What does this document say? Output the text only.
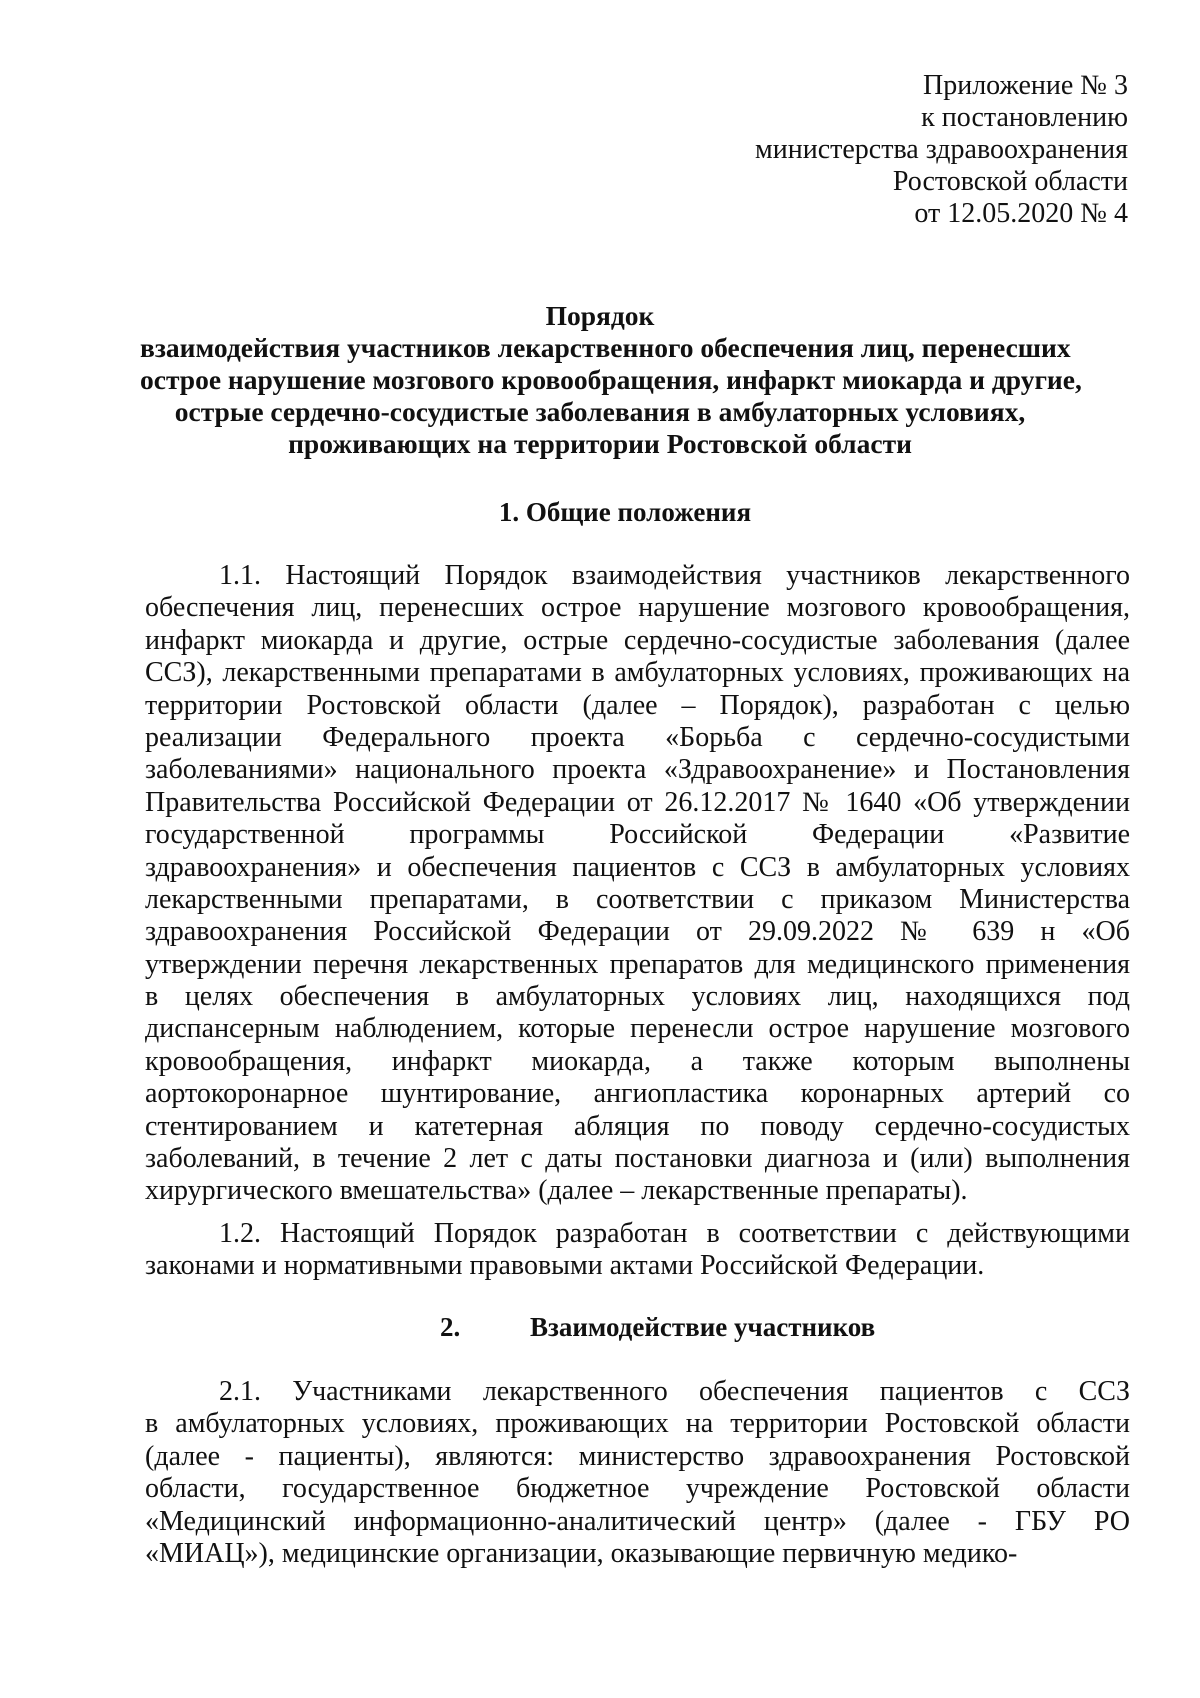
Приложение № 3
к постановлению
министерства здравоохранения
Ростовской области
от 12.05.2020 № 4
Порядок
взаимодействия участников лекарственного обеспечения лиц, перенесших
острое нарушение мозгового кровообращения, инфаркт миокарда и другие,
острые сердечно-сосудистые заболевания в амбулаторных условиях,
проживающих на территории Ростовской области
1. Общие положения
1.1. Настоящий Порядок взаимодействия участников лекарственного
обеспечения лиц, перенесших острое нарушение мозгового кровообращения,
инфаркт миокарда и другие, острые сердечно-сосудистые заболевания (далее
ССЗ), лекарственными препаратами в амбулаторных условиях, проживающих на
территории Ростовской области (далее – Порядок), разработан с целью
реализации Федерального проекта «Борьба с сердечно-сосудистыми
заболеваниями» национального проекта «Здравоохранение» и Постановления
Правительства Российской Федерации от 26.12.2017 № 1640 «Об утверждении
государственной программы Российской Федерации «Развитие
здравоохранения» и обеспечения пациентов с ССЗ в амбулаторных условиях
лекарственными препаратами, в соответствии с приказом Министерства
здравоохранения Российской Федерации от 29.09.2022 № 639 н «Об
утверждении перечня лекарственных препаратов для медицинского применения
в целях обеспечения в амбулаторных условиях лиц, находящихся под
диспансерным наблюдением, которые перенесли острое нарушение мозгового
кровообращения, инфаркт миокарда, а также которым выполнены
аортокоронарное шунтирование, ангиопластика коронарных артерий со
стентированием и катетерная абляция по поводу сердечно-сосудистых
заболеваний, в течение 2 лет с даты постановки диагноза и (или) выполнения
хирургического вмешательства» (далее – лекарственные препараты).
1.2. Настоящий Порядок разработан в соответствии с действующими
законами и нормативными правовыми актами Российской Федерации.
2.	Взаимодействие участников
2.1. Участниками лекарственного обеспечения пациентов с ССЗ
в амбулаторных условиях, проживающих на территории Ростовской области
(далее - пациенты), являются: министерство здравоохранения Ростовской
области, государственное бюджетное учреждение Ростовской области
«Медицинский информационно-аналитический центр» (далее - ГБУ РО
«МИАЦ»), медицинские организации, оказывающие первичную медико-
